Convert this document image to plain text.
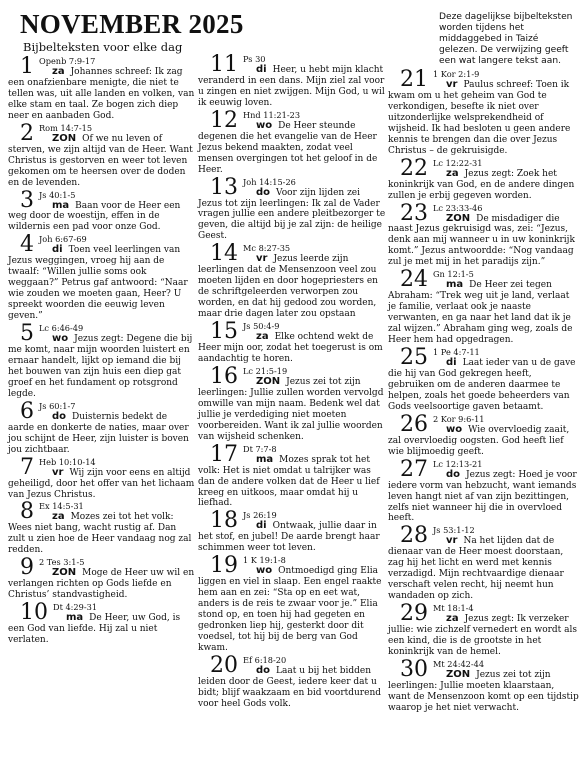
NOVEMBER 2025

Bijbelteksten voor elke dag

Deze dagelijkse bijbelteksten worden tijdens het middaggebed in Taizé gelezen. De verwijzing geeft een wat langere tekst aan.

1 Openb 7:9-17
za Johannes schreef: Ik zag een onafzienbare menigte, die niet te tellen was, uit alle landen en volken, van elke stam en taal. Ze bogen zich diep neer en aanbaden God.
2 Rom 14:7-15
ZON Of we nu leven of sterven, we zijn altijd van de Heer. Want Christus is gestorven en weer tot leven gekomen om te heersen over de doden en de levenden.
3 Js 40:1-5
ma Baan voor de Heer een weg door de woestijn, effen in de wildernis een pad voor onze God.
4 Joh 6:67-69
di Toen veel leerlingen van Jezus weggingen, vroeg hij aan de twaalf: “Willen jullie soms ook weggaan?” Petrus gaf antwoord: “Naar wie zouden we moeten gaan, Heer? U spreekt woorden die eeuwig leven geven.”
5 Lc 6:46-49
wo Jezus zegt: Degene die bij me komt, naar mijn woorden luistert en ernaar handelt, lijkt op iemand die bij het bouwen van zijn huis een diep gat groef en het fundament op rotsgrond legde.
6 Js 60:1-7
do Duisternis bedekt de aarde en donkerte de naties, maar over jou schijnt de Heer, zijn luister is boven jou zichtbaar.
7 Heb 10:10-14
vr Wij zijn voor eens en altijd geheiligd, door het offer van het lichaam van Jezus Christus.
8 Ex 14:5-31
za Mozes zei tot het volk: Wees niet bang, wacht rustig af. Dan zult u zien hoe de Heer vandaag nog zal redden.
9 2 Tes 3:1-5
ZON Moge de Heer uw wil en verlangen richten op Gods liefde en Christus’ standvastigheid.
10 Dt 4:29-31
ma De Heer, uw God, is een God van liefde. Hij zal u niet verlaten.
11 Ps 30
di Heer, u hebt mijn klacht veranderd in een dans. Mijn ziel zal voor u zingen en niet zwijgen. Mijn God, u wil ik eeuwig loven.
12 Hnd 11:21-23
wo De Heer steunde degenen die het evangelie van de Heer Jezus bekend maakten, zodat veel mensen overgingen tot het geloof in de Heer.
13 Joh 14:15-26
do Voor zijn lijden zei Jezus tot zijn leerlingen: Ik zal de Vader vragen jullie een andere pleitbezorger te geven, die altijd bij je zal zijn: de heilige Geest.
14 Mc 8:27-35
vr Jezus leerde zijn leerlingen dat de Mensenzoon veel zou moeten lijden en door hogepriesters en de schriftgeleerden verworpen zou worden, en dat hij gedood zou worden, maar drie dagen later zou opstaan
15 Js 50:4-9
za Elke ochtend wekt de Heer mijn oor, zodat het toegerust is om aandachtig te horen.
16 Lc 21:5-19
ZON Jezus zei tot zijn leerlingen: Jullie zullen worden vervolgd omwille van mijn naam. Bedenk wel dat jullie je verdediging niet moeten voorbereiden. Want ik zal jullie woorden van wijsheid schenken.
17 Dt 7:7-8
ma Mozes sprak tot het volk: Het is niet omdat u talrijker was dan de andere volken dat de Heer u lief kreeg en uitkoos, maar omdat hij u liefhad.
18 Js 26:19
di Ontwaak, jullie daar in het stof, en jubel! De aarde brengt haar schimmen weer tot leven.
19 1 K 19:1-8
wo Ontmoedigd ging Elia liggen en viel in slaap. Een engel raakte hem aan en zei: “Sta op en eet wat, anders is de reis te zwaar voor je.” Elia stond op, en toen hij had gegeten en gedronken liep hij, gesterkt door dit voedsel, tot hij bij de berg van God kwam.
20 Ef 6:18-20
do Laat u bij het bidden leiden door de Geest, iedere keer dat u bidt; blijf waakzaam en bid voortdurend voor heel Gods volk.
21 1 Kor 2:1-9
vr Paulus schreef: Toen ik kwam om u het geheim van God te verkondigen, besefte ik niet over uitzonderlijke welsprekendheid of wijsheid. Ik had besloten u geen andere kennis te brengen dan die over Jezus Christus – de gekruisigde.
22 Lc 12:22-31
za Jezus zegt: Zoek het koninkrijk van God, en de andere dingen zullen je erbij gegeven worden.
23 Lc 23:33-46
ZON De misdadiger die naast Jezus gekruisigd was, zei: “Jezus, denk aan mij wanneer u in uw koninkrijk komt.” Jezus antwoordde: “Nog vandaag zul je met mij in het paradijs zijn.”
24 Gn 12:1-5
ma De Heer zei tegen Abraham: “Trek weg uit je land, verlaat je familie, verlaat ook je naaste verwanten, en ga naar het land dat ik je zal wijzen.” Abraham ging weg, zoals de Heer hem had opgedragen.
25 1 Pe 4:7-11
di Laat ieder van u de gave die hij van God gekregen heeft, gebruiken om de anderen daarmee te helpen, zoals het goede beheerders van Gods veelsoortige gaven betaamt.
26 2 Kor 9:6-11
wo Wie overvloedig zaait, zal overvloedig oogsten. God heeft lief wie blijmoedig geeft.
27 Lc 12:13-21
do Jezus zegt: Hoed je voor iedere vorm van hebzucht, want iemands leven hangt niet af van zijn bezittingen, zelfs niet wanneer hij die in overvloed heeft.
28 Js 53:1-12
vr Na het lijden dat de dienaar van de Heer moest doorstaan, zag hij het licht en werd met kennis verzadigd. Mijn rechtvaardige dienaar verschaft velen recht, hij neemt hun wandaden op zich.
29 Mt 18:1-4
za Jezus zegt: Ik verzeker jullie: wie zichzelf vernedert en wordt als een kind, die is de grootste in het koninkrijk van de hemel.
30 Mt 24:42-44
ZON Jezus zei tot zijn leerlingen: Jullie moeten klaarstaan, want de Mensenzoon komt op een tijdstip waarop je het niet verwacht.
